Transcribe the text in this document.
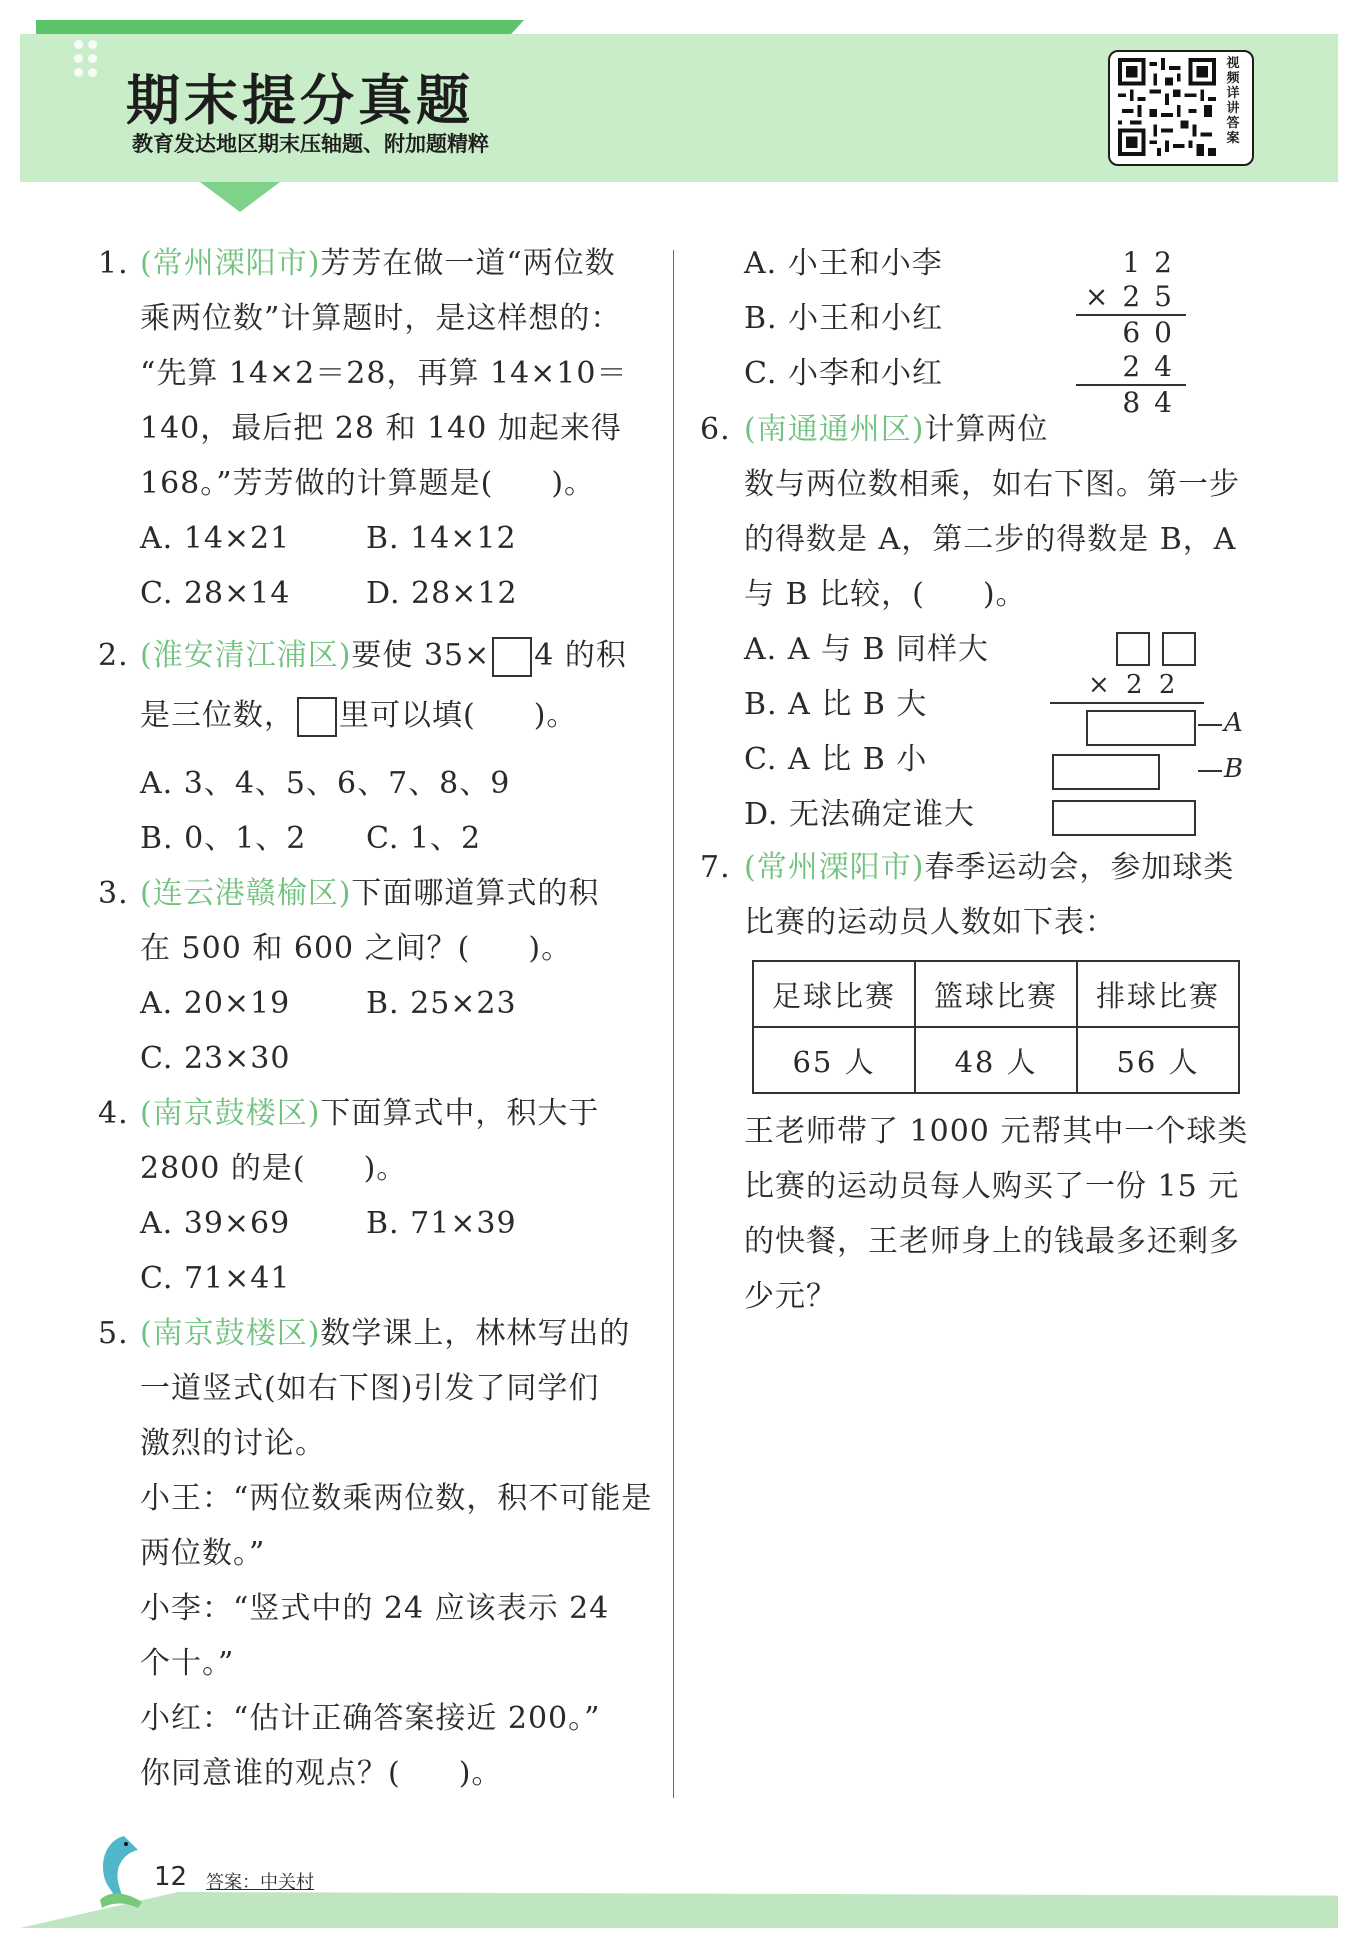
期末提分真题
教育发达地区期末压轴题、附加题精粹
视频详讲答案
1. (常州溧阳市)芳芳在做一道“两位数
乘两位数”计算题时，是这样想的：
“先算 14×2＝28，再算 14×10＝
140，最后把 28 和 140 加起来得
168。”芳芳做的计算题是( )。
A. 14×21	B. 14×12
C. 28×14	D. 28×12
2. (淮安清江浦区)要使 35× 4 的积
是三位数， 里可以填( )。
A. 3、4、5、6、7、8、9
B. 0、1、2 C. 1、2
3. (连云港赣榆区)下面哪道算式的积
在 500 和 600 之间？( )。
A. 20×19	B. 25×23
C. 23×30
4. (南京鼓楼区)下面算式中，积大于
2800 的是( )。
A. 39×69	B. 71×39
C. 71×41
5. (南京鼓楼区)数学课上，林林写出的
一道竖式(如右下图)引发了同学们
激烈的讨论。
小王：“两位数乘两位数，积不可能是
两位数。”
小李：“竖式中的 24 应该表示 24
个十。”
小红：“估计正确答案接近 200。”
你同意谁的观点？( )。
A. 小王和小李
B. 小王和小红
C. 小李和小红
12
×25
60
24
84
6. (南通通州区)计算两位
数与两位数相乘，如右下图。第一步
的得数是 A，第二步的得数是 B，A
与 B 比较，( )。
A. A 与 B 同样大
B. A 比 B 大
C. A 比 B 小
D. 无法确定谁大
× 2 2
A
B
7. (常州溧阳市)春季运动会，参加球类
比赛的运动员人数如下表：
足球比赛	篮球比赛	排球比赛
65 人	48 人	56 人
王老师带了 1000 元帮其中一个球类
比赛的运动员每人购买了一份 15 元
的快餐，王老师身上的钱最多还剩多
少元？
12 答案：中关村
